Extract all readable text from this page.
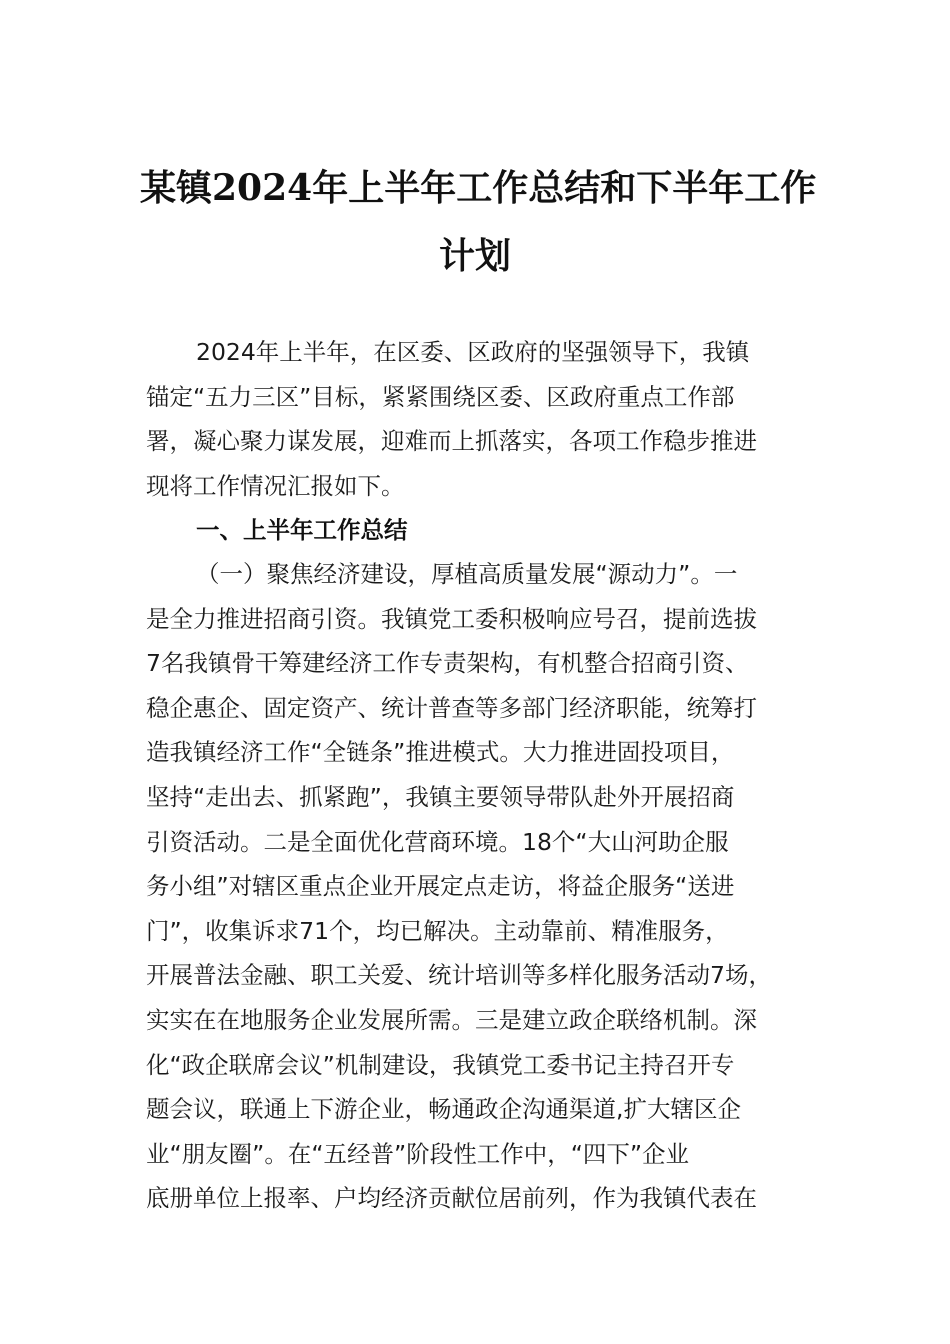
某镇2024年上半年工作总结和下半年工作
计划
2024年上半年，在区委、区政府的坚强领导下，我镇
锚定“五力三区”目标，紧紧围绕区委、区政府重点工作部
署，凝心聚力谋发展，迎难而上抓落实，各项工作稳步推进
现将工作情况汇报如下。
一、上半年工作总结
（一）聚焦经济建设，厚植高质量发展“源动力”。一
是全力推进招商引资。我镇党工委积极响应号召，提前选拔
7名我镇骨干筹建经济工作专责架构，有机整合招商引资、
稳企惠企、固定资产、统计普查等多部门经济职能，统筹打
造我镇经济工作“全链条”推进模式。大力推进固投项目，
坚持“走出去、抓紧跑”，我镇主要领导带队赴外开展招商
引资活动。二是全面优化营商环境。18个“大山河助企服
务小组”对辖区重点企业开展定点走访，将益企服务“送进
门”，收集诉求71个，均已解决。主动靠前、精准服务，
开展普法金融、职工关爱、统计培训等多样化服务活动7场，
实实在在地服务企业发展所需。三是建立政企联络机制。深
化“政企联席会议”机制建设，我镇党工委书记主持召开专
题会议，联通上下游企业，畅通政企沟通渠道,扩大辖区企
业“朋友圈”。在“五经普”阶段性工作中，“四下”企业
底册单位上报率、户均经济贡献位居前列，作为我镇代表在
